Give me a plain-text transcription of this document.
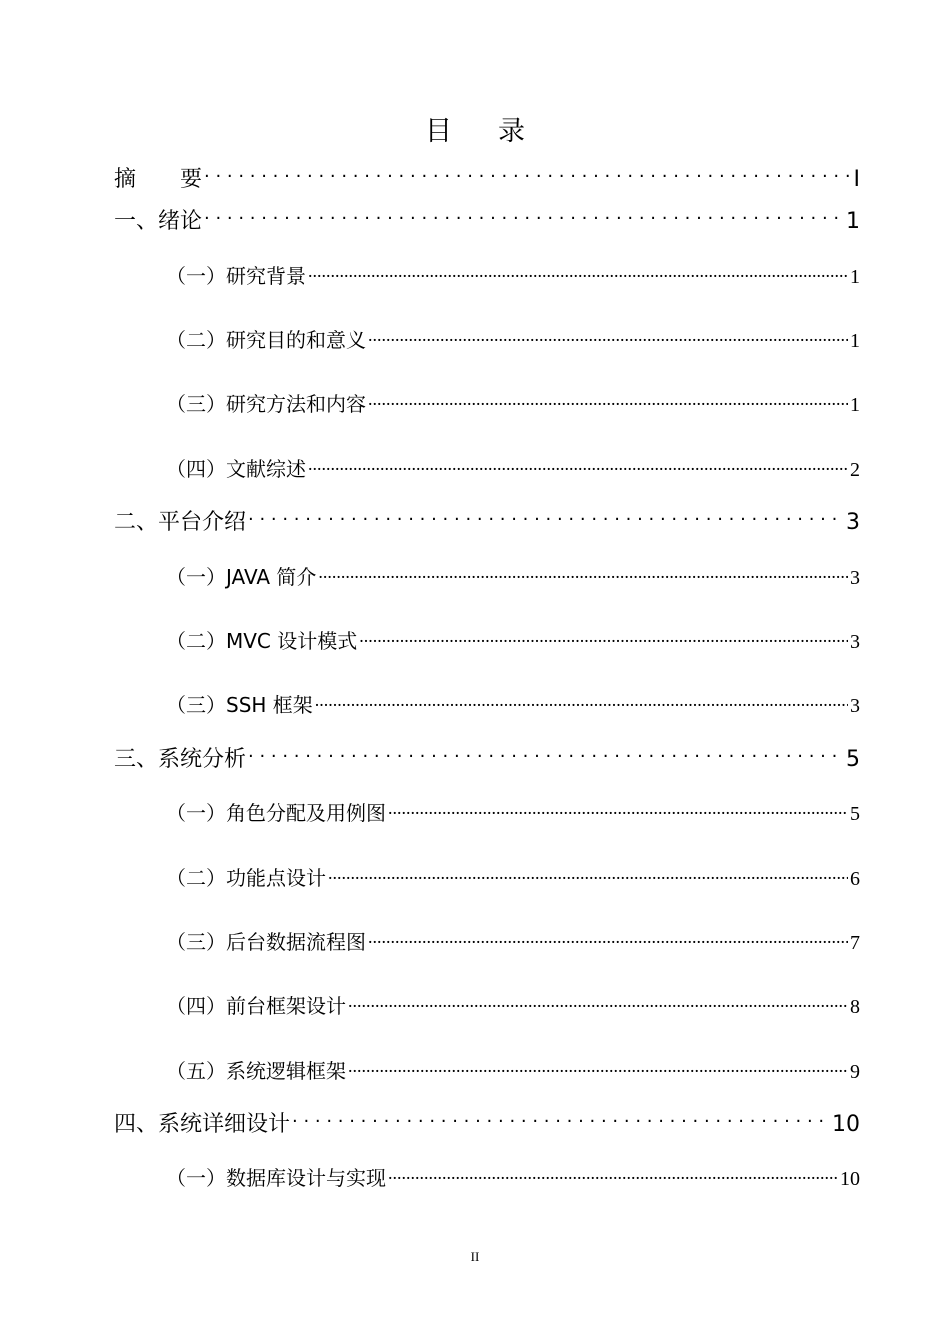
目 录
摘　　要 . . .	I
一、绪论 . . .	1
（一）研究背景 .....	1
（二）研究目的和意义 .....	1
（三）研究方法和内容 .....	1
（四）文献综述 .....	2
二、平台介绍 . . .	3
（一）JAVA 简介 .....	3
（二）MVC 设计模式 .....	3
（三）SSH 框架 .....	3
三、系统分析 . . .	5
（一）角色分配及用例图 .....	5
（二）功能点设计 .....	6
（三）后台数据流程图 .....	7
（四）前台框架设计 .....	8
（五）系统逻辑框架 .....	9
四、系统详细设计 . . .	10
（一）数据库设计与实现 .....	10
II
